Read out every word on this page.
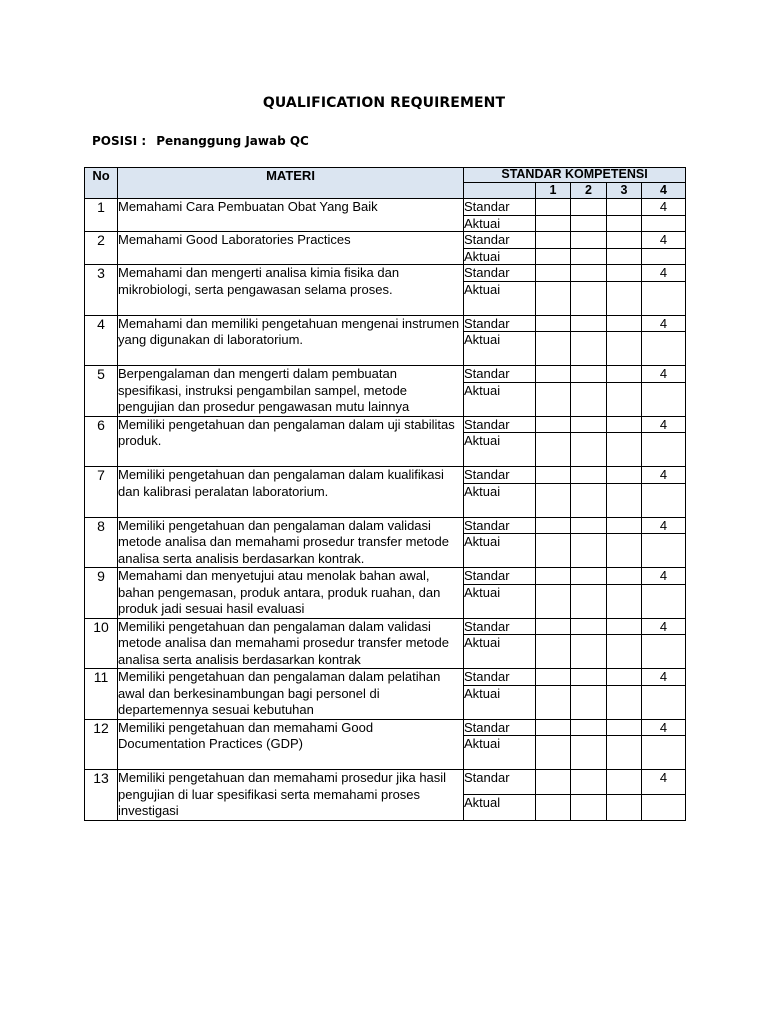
QUALIFICATION REQUIREMENT
POSISI : Penanggung Jawab QC
No	MATERI	STANDAR KOMPETENSI				
			1	2	3	4
1	Memahami Cara Pembuatan Obat Yang Baik	Standar				4
		Aktuai				
2	Memahami Good Laboratories Practices	Standar				4
		Aktuai				
3	Memahami dan mengerti analisa kimia fisika dan mikrobiologi, serta pengawasan selama proses.	Standar				4
		Aktuai				
4	Memahami dan memiliki pengetahuan mengenai instrumen yang digunakan di laboratorium.	Standar				4
		Aktuai				
5	Berpengalaman dan mengerti dalam pembuatan spesifikasi, instruksi pengambilan sampel, metode pengujian dan prosedur pengawasan mutu lainnya	Standar				4
		Aktuai				
6	Memiliki pengetahuan dan pengalaman dalam uji stabilitas produk.	Standar				4
		Aktuai				
7	Memiliki pengetahuan dan pengalaman dalam kualifikasi dan kalibrasi peralatan laboratorium.	Standar				4
		Aktuai				
8	Memiliki pengetahuan dan pengalaman dalam validasi metode analisa dan memahami prosedur transfer metode analisa serta analisis berdasarkan kontrak.	Standar				4
		Aktuai				
9	Memahami dan menyetujui atau menolak bahan awal, bahan pengemasan, produk antara, produk ruahan, dan produk jadi sesuai hasil evaluasi	Standar				4
		Aktuai				
10	Memiliki pengetahuan dan pengalaman dalam validasi metode analisa dan memahami prosedur transfer metode analisa serta analisis berdasarkan kontrak	Standar				4
		Aktuai				
11	Memiliki pengetahuan dan pengalaman dalam pelatihan awal dan berkesinambungan bagi personel di departemennya sesuai kebutuhan	Standar				4
		Aktuai				
12	Memiliki pengetahuan dan memahami Good Documentation Practices (GDP)	Standar				4
		Aktuai				
13	Memiliki pengetahuan dan memahami prosedur jika hasil pengujian di luar spesifikasi serta memahami proses investigasi	Standar				4
		Aktual				
